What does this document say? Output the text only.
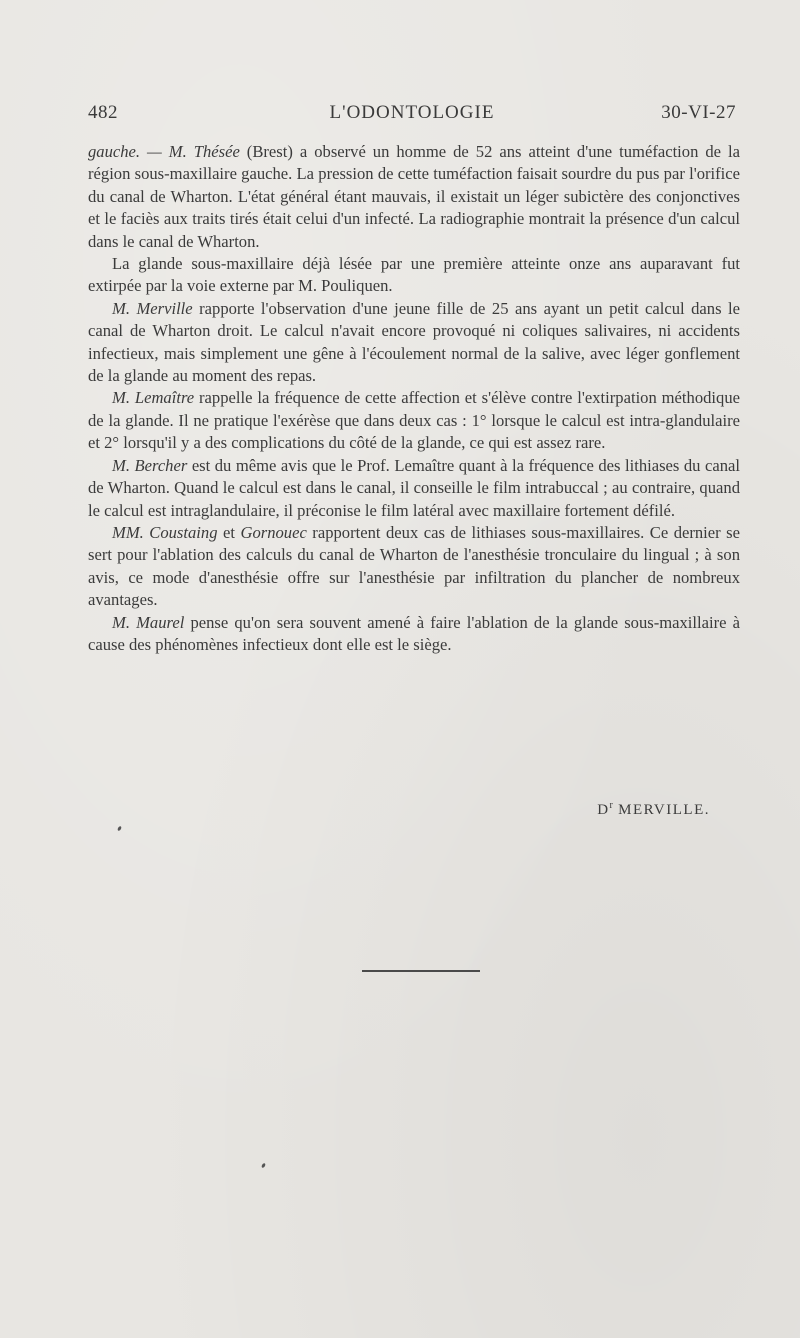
482	L'ODONTOLOGIE	30-VI-27

gauche. — M. Thésée (Brest) a observé un homme de 52 ans atteint d'une tuméfaction de la région sous-maxillaire gauche. La pression de cette tuméfaction faisait sourdre du pus par l'orifice du canal de Wharton. L'état général étant mauvais, il existait un léger subictère des conjonctives et le faciès aux traits tirés était celui d'un infecté. La radiographie montrait la présence d'un calcul dans le canal de Wharton.

La glande sous-maxillaire déjà lésée par une première atteinte onze ans auparavant fut extirpée par la voie externe par M. Pouliquen.

M. Merville rapporte l'observation d'une jeune fille de 25 ans ayant un petit calcul dans le canal de Wharton droit. Le calcul n'avait encore provoqué ni coliques salivaires, ni accidents infectieux, mais simplement une gêne à l'écoulement normal de la salive, avec léger gonflement de la glande au moment des repas.

M. Lemaître rappelle la fréquence de cette affection et s'élève contre l'extirpation méthodique de la glande. Il ne pratique l'exérèse que dans deux cas : 1° lorsque le calcul est intra-glandulaire et 2° lorsqu'il y a des complications du côté de la glande, ce qui est assez rare.

M. Bercher est du même avis que le Prof. Lemaître quant à la fréquence des lithiases du canal de Wharton. Quand le calcul est dans le canal, il conseille le film intrabuccal ; au contraire, quand le calcul est intraglandulaire, il préconise le film latéral avec maxillaire fortement défilé.

MM. Coustaing et Gornouec rapportent deux cas de lithiases sous-maxillaires. Ce dernier se sert pour l'ablation des calculs du canal de Wharton de l'anesthésie tronculaire du lingual ; à son avis, ce mode d'anesthésie offre sur l'anesthésie par infiltration du plancher de nombreux avantages.

M. Maurel pense qu'on sera souvent amené à faire l'ablation de la glande sous-maxillaire à cause des phénomènes infectieux dont elle est le siège.

$D^r$ MERVILLE.
